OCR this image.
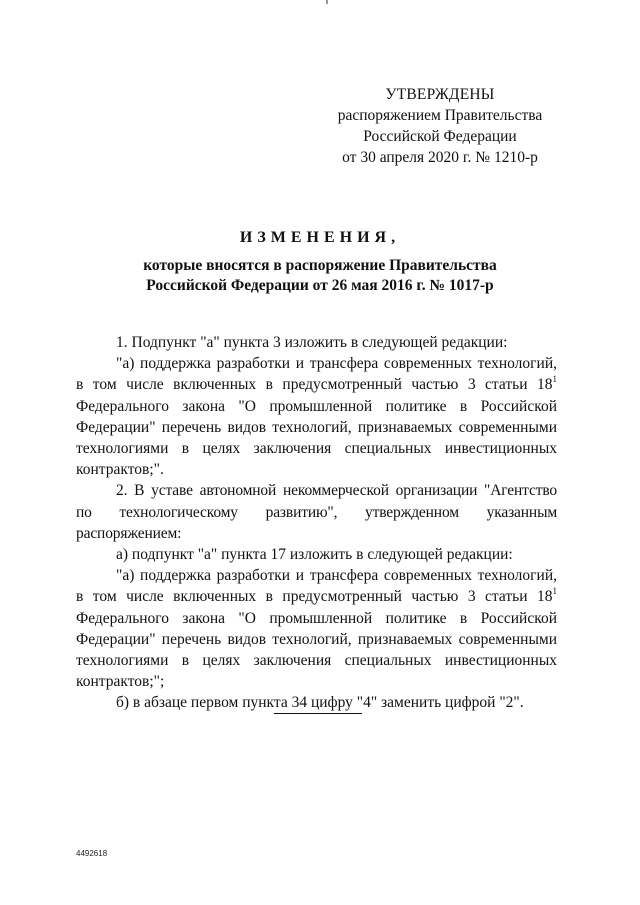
УТВЕРЖДЕНЫ
распоряжением Правительства
Российской Федерации
от 30 апреля 2020 г. № 1210-р
ИЗМЕНЕНИЯ,
которые вносятся в распоряжение Правительства
Российской Федерации от 26 мая 2016 г. № 1017-р

1. Подпункт "а" пункта 3 изложить в следующей редакции:

"а) поддержка разработки и трансфера современных технологий, в том числе включенных в предусмотренный частью 3 статьи $18^1$ Федерального закона "О промышленной политике в Российской Федерации" перечень видов технологий, признаваемых современными технологиями в целях заключения специальных инвестиционных контрактов;".

2. В уставе автономной некоммерческой организации "Агентство по технологическому развитию", утвержденном указанным распоряжением:

а) подпункт "а" пункта 17 изложить в следующей редакции:

"а) поддержка разработки и трансфера современных технологий, в том числе включенных в предусмотренный частью 3 статьи $18^1$ Федерального закона "О промышленной политике в Российской Федерации" перечень видов технологий, признаваемых современными технологиями в целях заключения специальных инвестиционных контрактов;";

б) в абзаце первом пункта 34 цифру "4" заменить цифрой "2".

4492618
